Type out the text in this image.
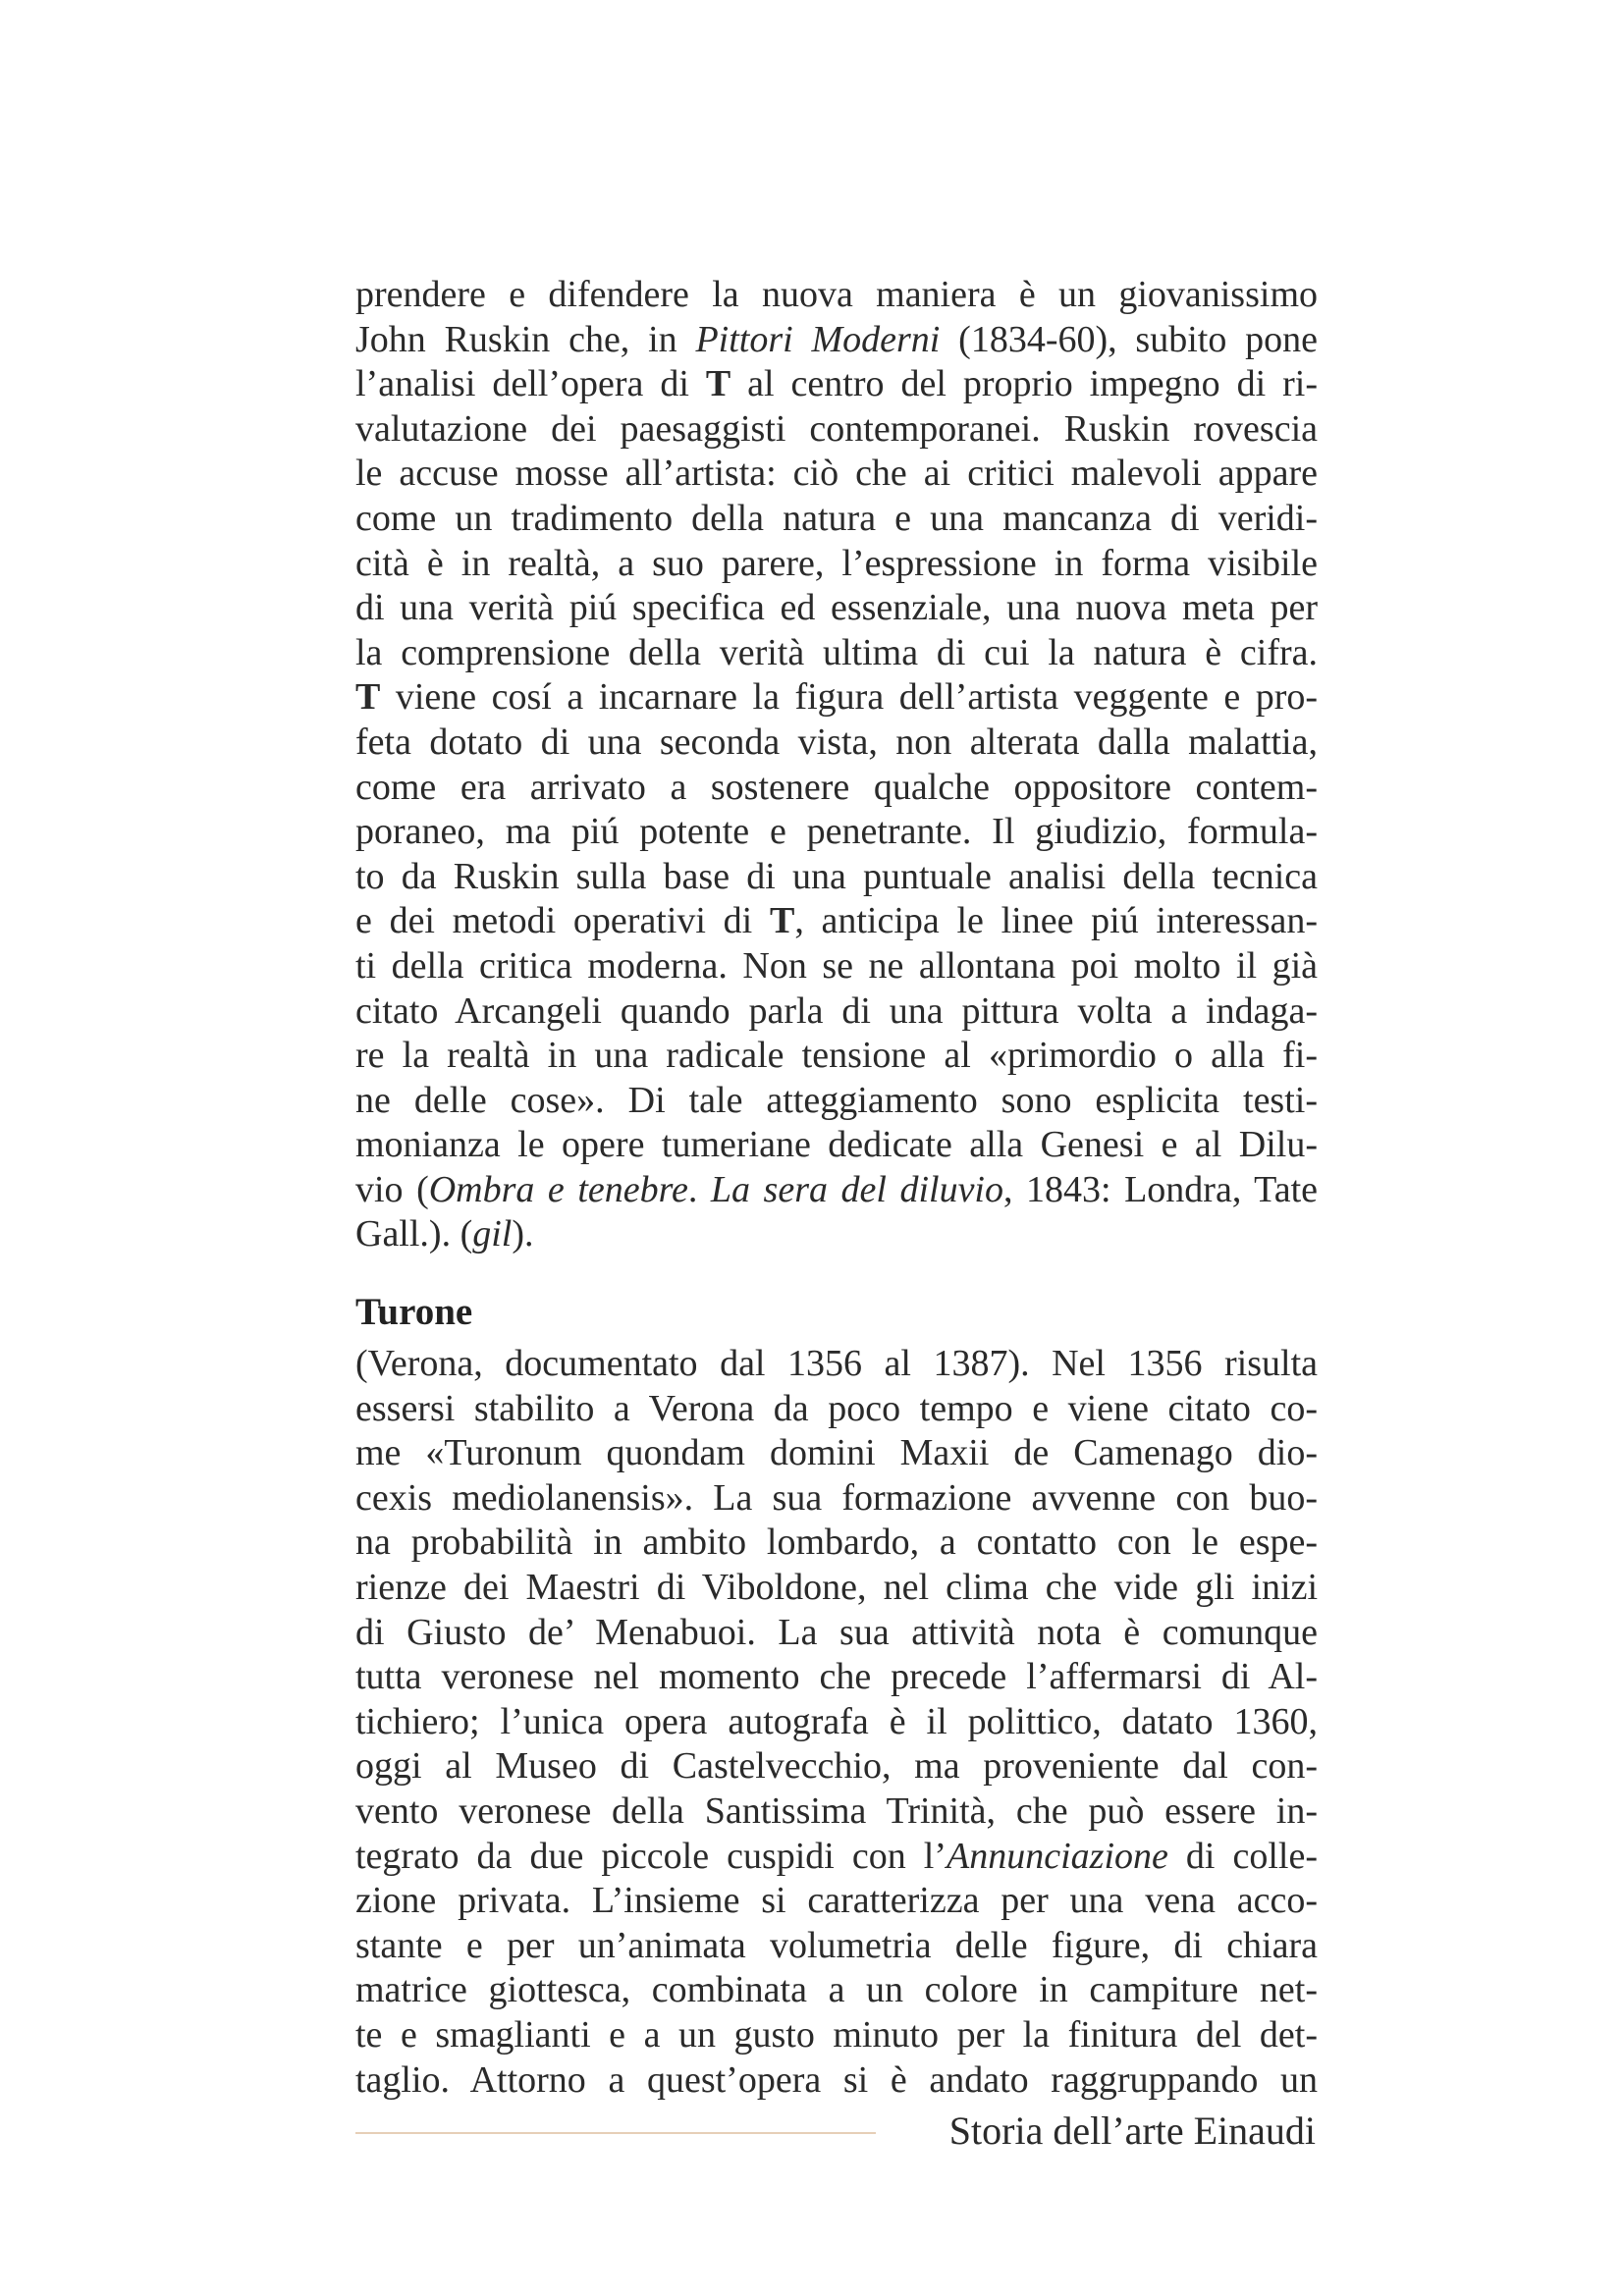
prendere e difendere la nuova maniera è un giovanissimo
John Ruskin che, in Pittori Moderni (1834-60), subito pone
l’analisi dell’opera di T al centro del proprio impegno di ri-
valutazione dei paesaggisti contemporanei. Ruskin rovescia
le accuse mosse all’artista: ciò che ai critici malevoli appare
come un tradimento della natura e una mancanza di veridi-
cità è in realtà, a suo parere, l’espressione in forma visibile
di una verità piú specifica ed essenziale, una nuova meta per
la comprensione della verità ultima di cui la natura è cifra.
T viene cosí a incarnare la figura dell’artista veggente e pro-
feta dotato di una seconda vista, non alterata dalla malattia,
come era arrivato a sostenere qualche oppositore contem-
poraneo, ma piú potente e penetrante. Il giudizio, formula-
to da Ruskin sulla base di una puntuale analisi della tecnica
e dei metodi operativi di T, anticipa le linee piú interessan-
ti della critica moderna. Non se ne allontana poi molto il già
citato Arcangeli quando parla di una pittura volta a indaga-
re la realtà in una radicale tensione al «primordio o alla fi-
ne delle cose». Di tale atteggiamento sono esplicita testi-
monianza le opere tumeriane dedicate alla Genesi e al Dilu-
vio (Ombra e tenebre. La sera del diluvio, 1843: Londra, Tate
Gall.). (gil).
Turone
(Verona, documentato dal 1356 al 1387). Nel 1356 risulta
essersi stabilito a Verona da poco tempo e viene citato co-
me «Turonum quondam domini Maxii de Camenago dio-
cexis mediolanensis». La sua formazione avvenne con buo-
na probabilità in ambito lombardo, a contatto con le espe-
rienze dei Maestri di Viboldone, nel clima che vide gli inizi
di Giusto de’ Menabuoi. La sua attività nota è comunque
tutta veronese nel momento che precede l’affermarsi di Al-
tichiero; l’unica opera autografa è il polittico, datato 1360,
oggi al Museo di Castelvecchio, ma proveniente dal con-
vento veronese della Santissima Trinità, che può essere in-
tegrato da due piccole cuspidi con l’Annunciazione di colle-
zione privata. L’insieme si caratterizza per una vena acco-
stante e per un’animata volumetria delle figure, di chiara
matrice giottesca, combinata a un colore in campiture net-
te e smaglianti e a un gusto minuto per la finitura del det-
taglio. Attorno a quest’opera si è andato raggruppando un
Storia dell’arte Einaudi
